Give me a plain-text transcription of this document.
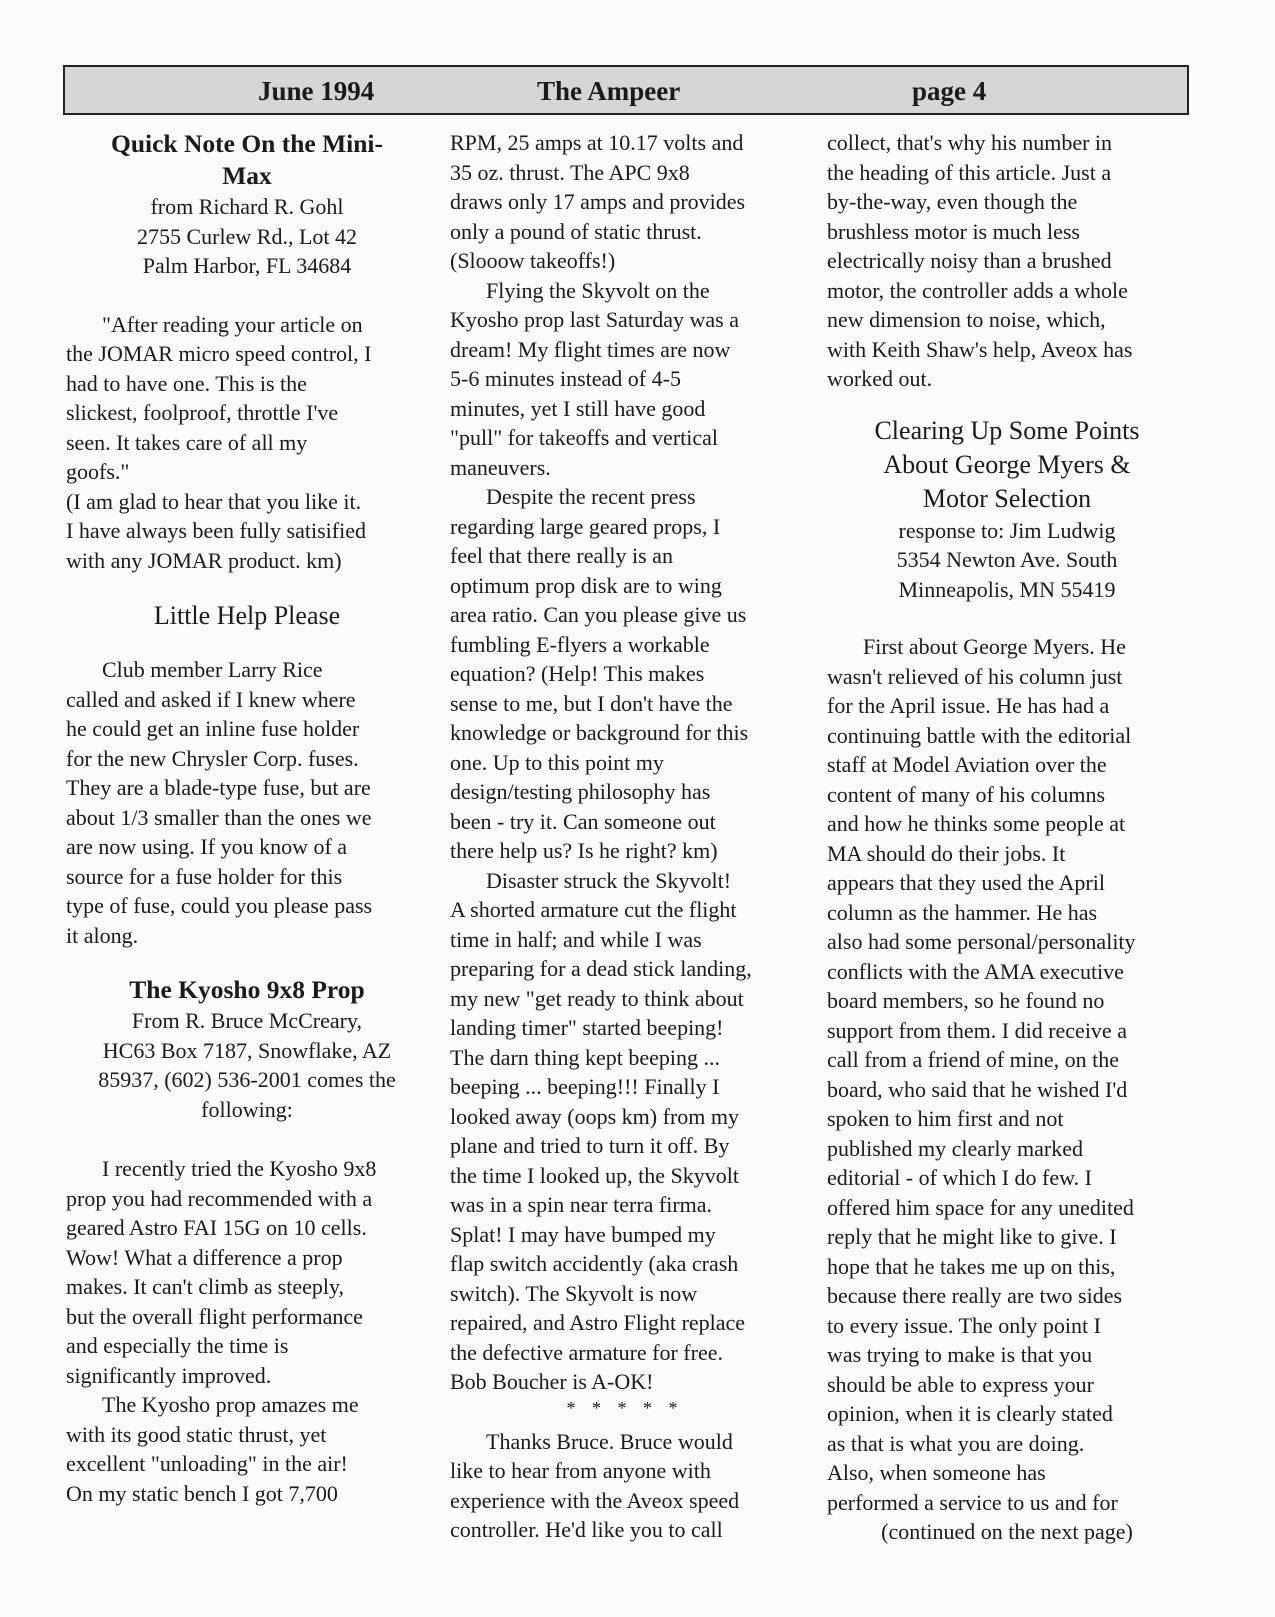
June 1994	The Ampeer	page 4
Quick Note On the Mini-
Max
from Richard R. Gohl
2755 Curlew Rd., Lot 42
Palm Harbor, FL 34684
"After reading your article on
the JOMAR micro speed control, I
had to have one. This is the
slickest, foolproof, throttle I've
seen. It takes care of all my
goofs."
(I am glad to hear that you like it.
I have always been fully satisified
with any JOMAR product. km)
Little Help Please
Club member Larry Rice
called and asked if I knew where
he could get an inline fuse holder
for the new Chrysler Corp. fuses.
They are a blade-type fuse, but are
about 1/3 smaller than the ones we
are now using. If you know of a
source for a fuse holder for this
type of fuse, could you please pass
it along.
The Kyosho 9x8 Prop
From R. Bruce McCreary,
HC63 Box 7187, Snowflake, AZ
85937, (602) 536-2001 comes the
following:
I recently tried the Kyosho 9x8
prop you had recommended with a
geared Astro FAI 15G on 10 cells.
Wow! What a difference a prop
makes. It can't climb as steeply,
but the overall flight performance
and especially the time is
significantly improved.
The Kyosho prop amazes me
with its good static thrust, yet
excellent "unloading" in the air!
On my static bench I got 7,700
RPM, 25 amps at 10.17 volts and
35 oz. thrust. The APC 9x8
draws only 17 amps and provides
only a pound of static thrust.
(Slooow takeoffs!)
Flying the Skyvolt on the
Kyosho prop last Saturday was a
dream! My flight times are now
5-6 minutes instead of 4-5
minutes, yet I still have good
"pull" for takeoffs and vertical
maneuvers.
Despite the recent press
regarding large geared props, I
feel that there really is an
optimum prop disk are to wing
area ratio. Can you please give us
fumbling E-flyers a workable
equation? (Help! This makes
sense to me, but I don't have the
knowledge or background for this
one. Up to this point my
design/testing philosophy has
been - try it. Can someone out
there help us? Is he right? km)
Disaster struck the Skyvolt!
A shorted armature cut the flight
time in half; and while I was
preparing for a dead stick landing,
my new "get ready to think about
landing timer" started beeping!
The darn thing kept beeping ...
beeping ... beeping!!! Finally I
looked away (oops km) from my
plane and tried to turn it off. By
the time I looked up, the Skyvolt
was in a spin near terra firma.
Splat! I may have bumped my
flap switch accidently (aka crash
switch). The Skyvolt is now
repaired, and Astro Flight replace
the defective armature for free.
Bob Boucher is A-OK!
* * * * *
Thanks Bruce. Bruce would
like to hear from anyone with
experience with the Aveox speed
controller. He'd like you to call
collect, that's why his number in
the heading of this article. Just a
by-the-way, even though the
brushless motor is much less
electrically noisy than a brushed
motor, the controller adds a whole
new dimension to noise, which,
with Keith Shaw's help, Aveox has
worked out.
Clearing Up Some Points
About George Myers &
Motor Selection
response to: Jim Ludwig
5354 Newton Ave. South
Minneapolis, MN 55419
First about George Myers. He
wasn't relieved of his column just
for the April issue. He has had a
continuing battle with the editorial
staff at Model Aviation over the
content of many of his columns
and how he thinks some people at
MA should do their jobs. It
appears that they used the April
column as the hammer. He has
also had some personal/personality
conflicts with the AMA executive
board members, so he found no
support from them. I did receive a
call from a friend of mine, on the
board, who said that he wished I'd
spoken to him first and not
published my clearly marked
editorial - of which I do few. I
offered him space for any unedited
reply that he might like to give. I
hope that he takes me up on this,
because there really are two sides
to every issue. The only point I
was trying to make is that you
should be able to express your
opinion, when it is clearly stated
as that is what you are doing.
Also, when someone has
performed a service to us and for
(continued on the next page)
